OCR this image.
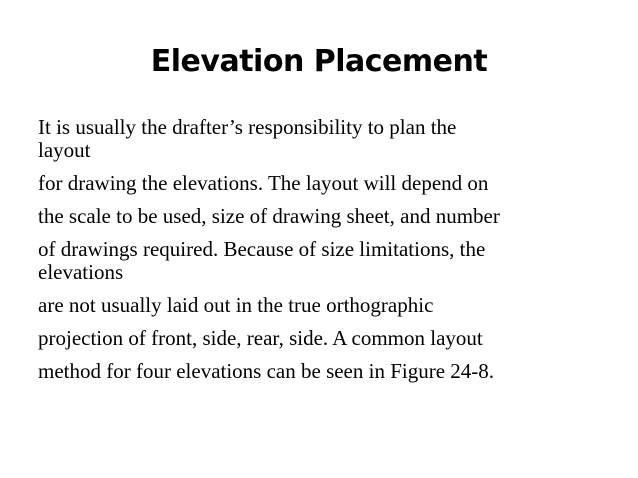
Elevation Placement
It is usually the drafter’s responsibility to plan the
layout
for drawing the elevations. The layout will depend on
the scale to be used, size of drawing sheet, and number
of drawings required. Because of size limitations, the
elevations
are not usually laid out in the true orthographic
projection of front, side, rear, side. A common layout
method for four elevations can be seen in Figure 24-8.
